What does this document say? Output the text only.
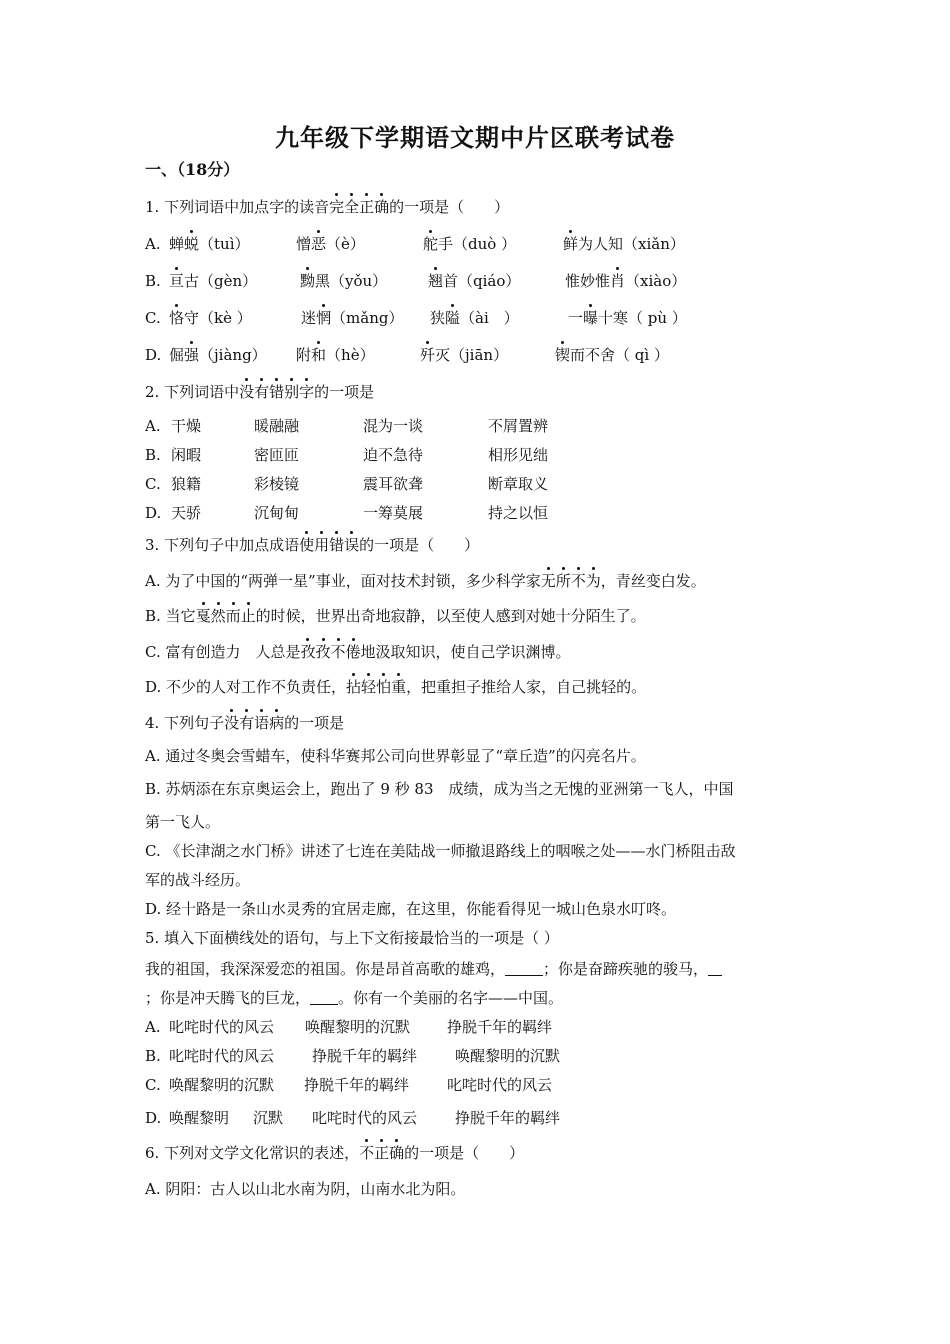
九年级下学期语文期中片区联考试卷
一、（18分）
1. 下列词语中加点字的读音完全正确的一项是（　　）
A. 蝉蜕（tuì）	憎恶（è）	舵手（duò ）	鲜为人知（xiǎn）
B. 亘古（gèn）	黝黑（yǒu）	翘首（qiáo）	惟妙惟肖（xiào）
C. 恪守（kè ）	迷惘（mǎng） 狭隘（ài　）	一曝十寒（ pù ）
D. 倔强（jiàng） 附和（hè）	歼灭（jiān）	锲而不舍（ qì ）
2. 下列词语中没有错别字的一项是
A. 干燥	暖融融	混为一谈	不屑置辨
B. 闲暇	密匝匝	迫不急待	相形见绌
C. 狼籍	彩棱镜	震耳欲聋	断章取义
D. 天骄	沉甸甸	一筹莫展	持之以恒
3. 下列句子中加点成语使用错误的一项是（　　）
A. 为了中国的“两弹一星”事业，面对技术封锁，多少科学家无所不为，青丝变白发。
B. 当它戛然而止的时候，世界出奇地寂静，以至使人感到对她十分陌生了。
C. 富有创造力　人总是孜孜不倦地汲取知识，使自己学识渊博。
D. 不少的人对工作不负责任，拈轻怕重，把重担子推给人家，自己挑轻的。
4. 下列句子没有语病的一项是
A. 通过冬奥会雪蜡车，使科华赛邦公司向世界彰显了“章丘造”的闪亮名片。
B. 苏炳添在东京奥运会上，跑出了 9 秒 83　成绩，成为当之无愧的亚洲第一飞人，中国
第一飞人。
C. 《长津湖之水门桥》讲述了七连在美陆战一师撤退路线上的咽喉之处——水门桥阻击敌
军的战斗经历。
D. 经十路是一条山水灵秀的宜居走廊，在这里，你能看得见一城山色泉水叮咚。
5. 填入下面横线处的语句，与上下文衔接最恰当的一项是（ ）
我的祖国，我深深爱恋的祖国。你是昂首高歌的雄鸡，	；你是奋蹄疾驰的骏马，
；你是冲天腾飞的巨龙， 。你有一个美丽的名字——中国。
A. 叱咤时代的风云 唤醒黎明的沉默 挣脱千年的羁绊
B. 叱咤时代的风云	挣脱千年的羁绊	唤醒黎明的沉默
C. 唤醒黎明的沉默 挣脱千年的羁绊	叱咤时代的风云
D. 唤醒黎明 沉默 叱咤时代的风云	挣脱千年的羁绊
6. 下列对文学文化常识的表述，不正确的一项是（　　）
A. 阴阳：古人以山北水南为阴，山南水北为阳。
